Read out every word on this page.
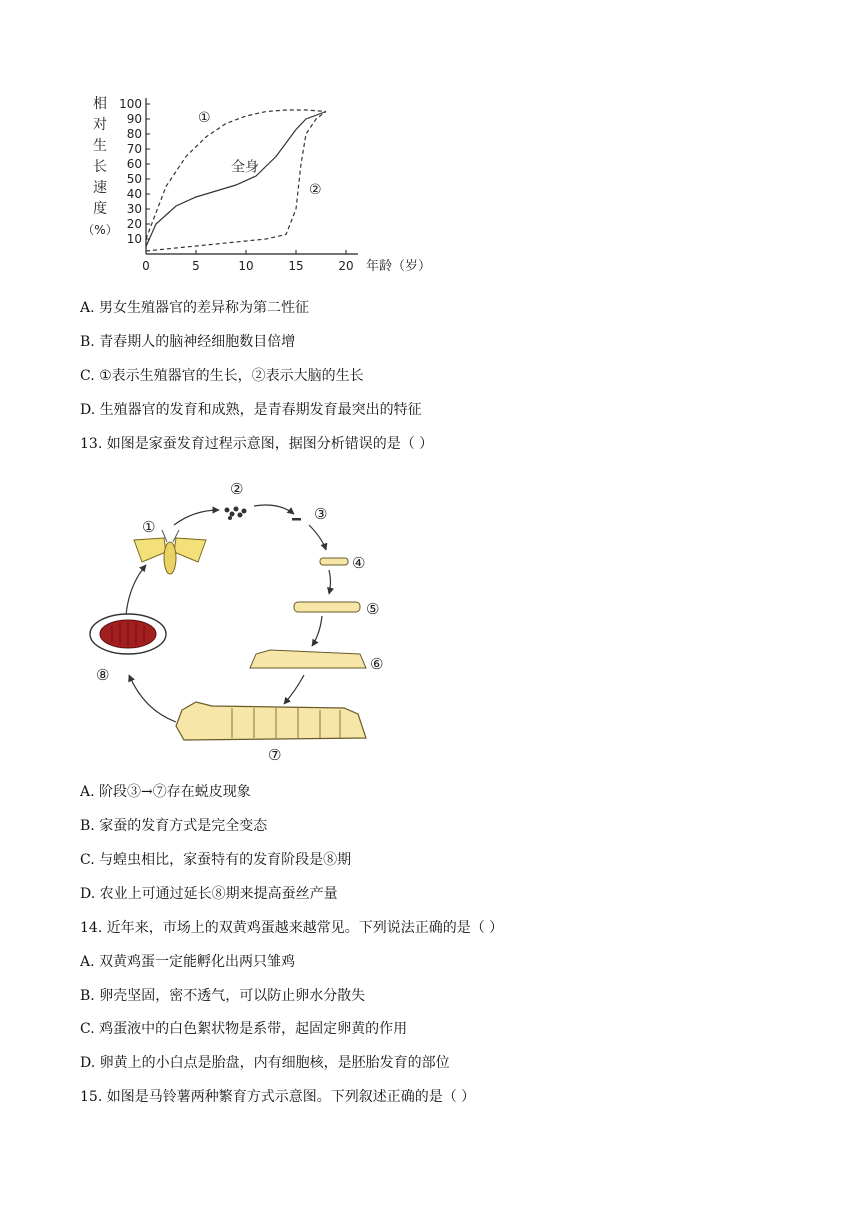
10
20
30
40
50
60
70
80
90
100
0	5	10	15	20 年龄（岁）
相
对
生
长
速
度
（%）
①
全身
②
A. 男女生殖器官的差异称为第二性征
B. 青春期人的脑神经细胞数目倍增
C. ①表示生殖器官的生长，②表示大脑的生长
D. 生殖器官的发育和成熟，是青春期发育最突出的特征
13. 如图是家蚕发育过程示意图，据图分析错误的是（ ）
①
②
③
④
⑤
⑥
⑦
⑧
A. 阶段③→⑦存在蜕皮现象
B. 家蚕的发育方式是完全变态
C. 与蝗虫相比，家蚕特有的发育阶段是⑧期
D. 农业上可通过延长⑧期来提高蚕丝产量
14. 近年来，市场上的双黄鸡蛋越来越常见。下列说法正确的是（ ）
A. 双黄鸡蛋一定能孵化出两只雏鸡
B. 卵壳坚固，密不透气，可以防止卵水分散失
C. 鸡蛋液中的白色絮状物是系带，起固定卵黄的作用
D. 卵黄上的小白点是胎盘，内有细胞核，是胚胎发育的部位
15. 如图是马铃薯两种繁育方式示意图。下列叙述正确的是（ ）
